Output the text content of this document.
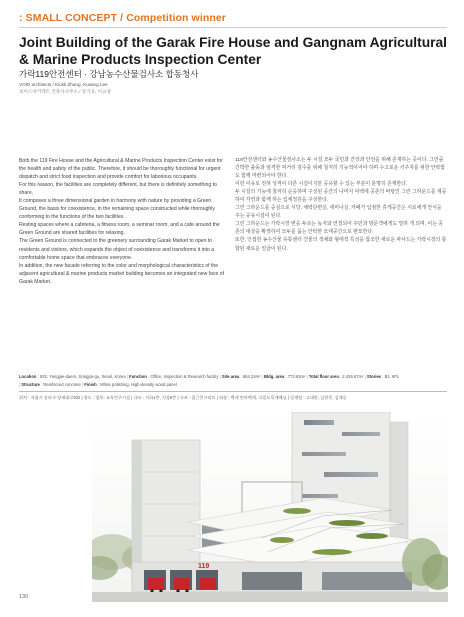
: SMALL CONCEPT / Competition winner
Joint Building of the Garak Fire House and Gangnam Agricultural & Marine Products Inspection Center
가락119안전센터 · 강남농수산물검사소 합동청사
VOID architects / Kiusk Zhang, Kusang Lee
보이드아키텍트 건축사사무소 / 장기욱, 이규상

Both the 119 Fire House and the Agricultural & Marine Products Inspection Center exist for the health and safety of the public. Therefore, it should be thoroughly functional for urgent dispatch and strict food inspection and provide comfort for laborious occupants.

For this reason, the facilities are completely different, but there is definitely something to share.

It composes a three dimensional garden in harmony with nature by providing a Green Ground, the basis for coexistence, in the remaining space constructed while thoroughly conforming to the functions of the two facilities.

Resting spaces where a cafeteria, a fitness room, a seminar room, and a cafe around the Green Ground are shared facilities for relaxing.

The Green Ground is connected to the greenery surrounding Garak Market to open to residents and visitors, which expands the object of coexistence and transforms it into a comfortable home space that embraces everyone.

In addition, the new facade referring to the color and morphological characteristics of the adjacent agricultural & marine products market building becomes an integrated new face of Garak Market.

119안전센터와 농수산물검사소는 두 시설 모두 국민과 건강과 안전을 위해 존재하는 곳이다. 그만큼 긴박한 출동과 엄격한 먹거리 검수를 위해 철저히 기능적이어야 하며 수고로운 거주자를 위한 안락함도 함께 마련되어야 한다.

이런 이유로 전혀 성격이 다른 시설이지만 공유할 수 있는 부분이 분명히 존재한다.

두 시설의 기능에 철저히 순응하며 구성된 공간의 나머지 여백에 공존의 바탕인 그린 그라운드를 제공하여 자연과 함께 하는 입체정원을 구성한다.

그린 그라운드를 중심으로 식당, 체력단련실, 세미나실, 카페가 입점한 휴게공간은 서로에게 안식을 주는 공유시설이 된다.

그린 그라운드는 가락시장 변을 두르는 녹지와 연결되어 주민과 방문객에게도 열려 개 되며, 이는 공존의 대상을 확장하여 모두를 품는 안락한 모태공간으로 변모한다.

또한, 인접한 농수산물 유통센터 건물의 색채와 형태적 특성을 참조한 새로운 파사드는 가락시장의 통합된 새로운 얼굴이 된다.

Location : 832, Yangjae-daero, Songpa-gu, Seoul, Korea | Function : Office, Inspection & Research facility | Site area : 664.24m² | Bldg. area : 773.63m² | Total floor area : 2,426.67m² | Stories : B1, 6FL
| Structure : Reinforced concrete | Finish : White polishing, High-density wood panel
위치 : 서울시 송파구 양재대로932 | 용도 : 업무, 교육연구시설 | 규모 : 지하1층, 지상6층 | 구조 : 철근콘크리트 | 외장 : 백색 연마백색, 고밀도목재패널 | 설계팀 : 고대한, 김현준, 김재승
119
130
